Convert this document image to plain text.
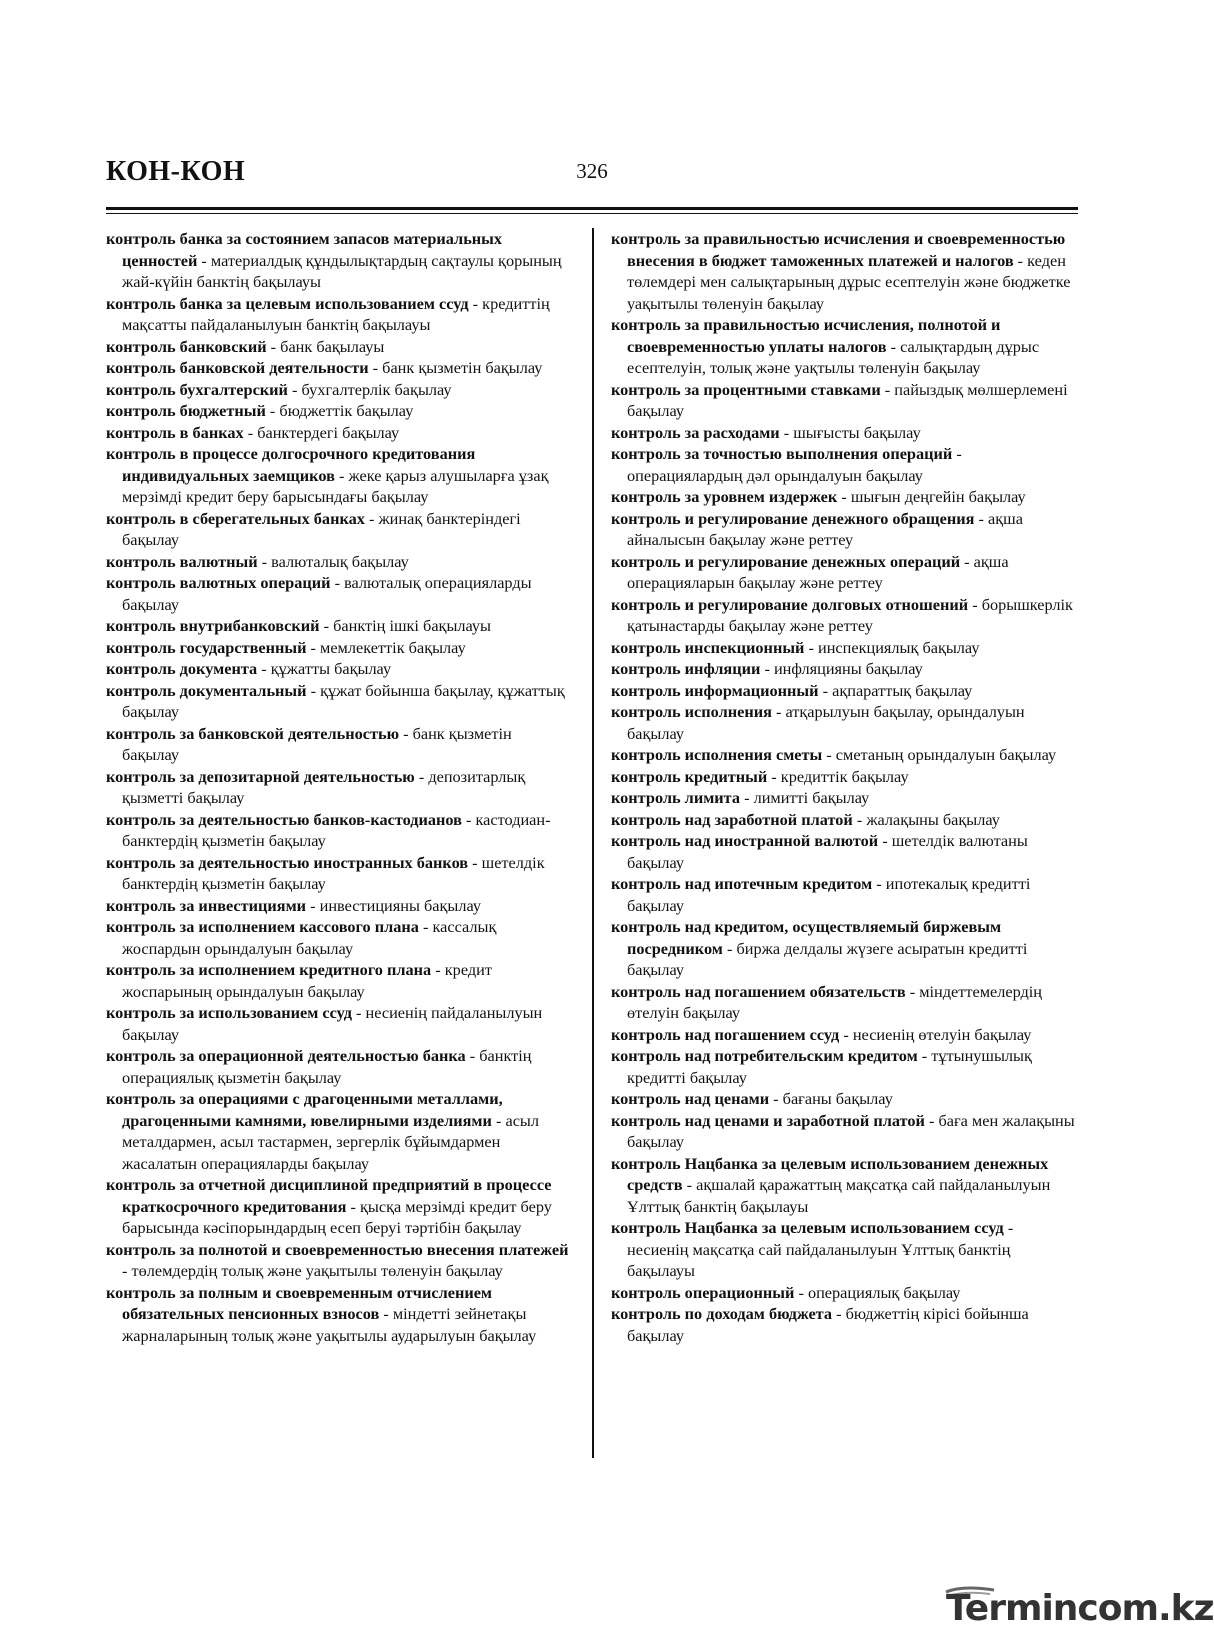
КОН-КОН	326

контроль банка за состоянием запасов материальных ценностей - материалдық құндылықтардың сақтаулы қорының жай-күйін банктің бақылауы

контроль банка за целевым использованием ссуд - кредиттің мақсатты пайдаланылуын банктің бақылауы

контроль банковский - банк бақылауы

контроль банковской деятельности - банк қызметін бақылау

контроль бухгалтерский - бухгалтерлік бақылау

контроль бюджетный - бюджеттік бақылау

контроль в банках - банктердегі бақылау

контроль в процессе долгосрочного кредитования индивидуальных заемщиков - жеке қарыз алушыларға ұзақ мерзімді кредит беру барысындағы бақылау

контроль в сберегательных банках - жинақ банктеріндегі бақылау

контроль валютный - валюталық бақылау

контроль валютных операций - валюталық операцияларды бақылау

контроль внутрибанковский - банктің ішкі бақылауы

контроль государственный - мемлекеттік бақылау

контроль документа - құжатты бақылау

контроль документальный - құжат бойынша бақылау, құжаттық бақылау

контроль за банковской деятельностью - банк қызметін бақылау

контроль за депозитарной деятельностью - депозитарлық қызметті бақылау

контроль за деятельностью банков-кастодианов - кастодиан-банктердің қызметін бақылау

контроль за деятельностью иностранных банков - шетелдік банктердің қызметін бақылау

контроль за инвестициями - инвестицияны бақылау

контроль за исполнением кассового плана - кассалық жоспардын орындалуын бақылау

контроль за исполнением кредитного плана - кредит жоспарының орындалуын бақылау

контроль за использованием ссуд - несиенің пайдаланылуын бақылау

контроль за операционной деятельностью банка - банктің операциялық қызметін бақылау

контроль за операциями с драгоценными металлами, драгоценными камнями, ювелирными изделиями - асыл металдармен, асыл тастармен, зергерлік бұйымдармен жасалатын операцияларды бақылау

контроль за отчетной дисциплиной предприятий в процессе краткосрочного кредитования - қысқа мерзімді кредит беру барысында кәсіпорындардың есеп беруі тәртібін бақылау

контроль за полнотой и своевременностью внесения платежей - төлемдердің толық және уақытылы төленуін бақылау

контроль за полным и своевременным отчислением обязательных пенсионных взносов - міндетті зейнетақы жарналарының толық және уақытылы аударылуын бақылау

контроль за правильностью исчисления и своевременностью внесения в бюджет таможенных платежей и налогов - кеден төлемдері мен салықтарының дұрыс есептелуін және бюджетке уақытылы төленуін бақылау

контроль за правильностью исчисления, полнотой и своевременностью уплаты налогов - салықтардың дұрыс есептелуін, толық және уақтылы төленуін бақылау

контроль за процентными ставками - пайыздық мөлшерлемені бақылау

контроль за расходами - шығысты бақылау

контроль за точностью выполнения операций - операциялардың дәл орындалуын бақылау

контроль за уровнем издержек - шығын деңгейін бақылау

контроль и регулирование денежного обращения - ақша айналысын бақылау және реттеу

контроль и регулирование денежных операций - ақша операцияларын бақылау және реттеу

контроль и регулирование долговых отношений - борышкерлік қатынастарды бақылау және реттеу

контроль инспекционный - инспекциялық бақылау

контроль инфляции - инфляцияны бақылау

контроль информационный - ақпараттық бақылау

контроль исполнения - атқарылуын бақылау, орындалуын бақылау

контроль исполнения сметы - сметаның орындалуын бақылау

контроль кредитный - кредиттік бақылау

контроль лимита - лимитті бақылау

контроль над заработной платой - жалақыны бақылау

контроль над иностранной валютой - шетелдік валютаны бақылау

контроль над ипотечным кредитом - ипотекалық кредитті бақылау

контроль над кредитом, осуществляемый биржевым посредником - биржа делдалы жүзеге асыратын кредитті бақылау

контроль над погашением обязательств - міндеттемелердің өтелуін бақылау

контроль над погашением ссуд - несиенің өтелуін бақылау

контроль над потребительским кредитом - тұтынушылық кредитті бақылау

контроль над ценами - бағаны бақылау

контроль над ценами и заработной платой - баға мен жалақыны бақылау

контроль Нацбанка за целевым использованием денежных средств - ақшалай қаражаттың мақсатқа сай пайдаланылуын Ұлттық банктің бақылауы

контроль Нацбанка за целевым использованием ссуд - несиенің мақсатқа сай пайдаланылуын Ұлттық банктің бақылауы

контроль операционный - операциялық бақылау

контроль по доходам бюджета - бюджеттің кірісі бойынша бақылау

Termincom.kz
